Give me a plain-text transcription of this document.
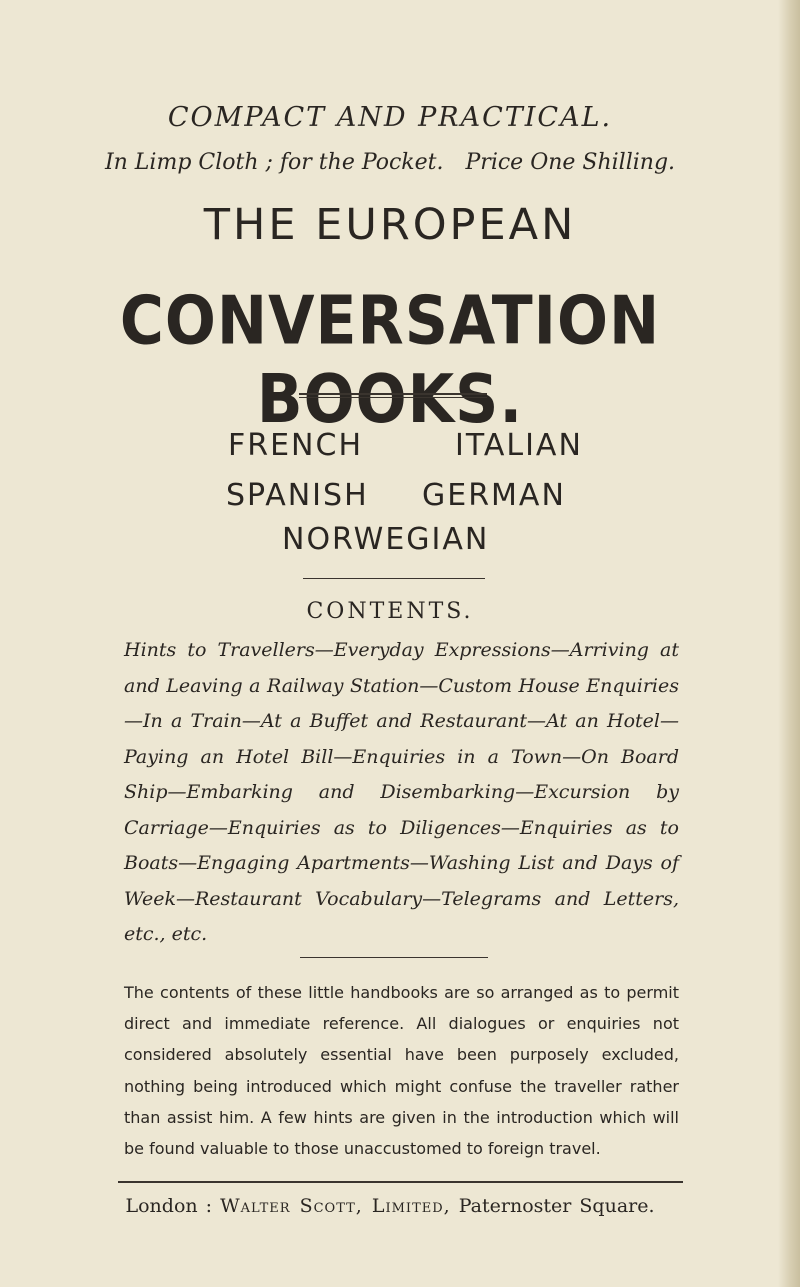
COMPACT AND PRACTICAL.
In Limp Cloth ; for the Pocket. Price One Shilling.
THE EUROPEAN
CONVERSATION BOOKS.
FRENCH	ITALIAN
SPANISH GERMAN
NORWEGIAN
CONTENTS.
Hints to Travellers—Everyday Expressions—Arriving at and Leaving a Railway Station—Custom House Enquiries—In a Train—At a Buffet and Restaurant—At an Hotel—Paying an Hotel Bill—Enquiries in a Town—On Board Ship—Embarking and Disembarking—Excursion by Carriage—Enquiries as to Diligences—Enquiries as to Boats—Engaging Apartments—Washing List and Days of Week—Restaurant Vocabulary—Telegrams and Letters, etc., etc.
The contents of these little handbooks are so arranged as to permit direct and immediate reference. All dialogues or enquiries not considered absolutely essential have been purposely excluded, nothing being introduced which might confuse the traveller rather than assist him. A few hints are given in the introduction which will be found valuable to those unaccustomed to foreign travel.
London : Walter Scott, Limited, Paternoster Square.
